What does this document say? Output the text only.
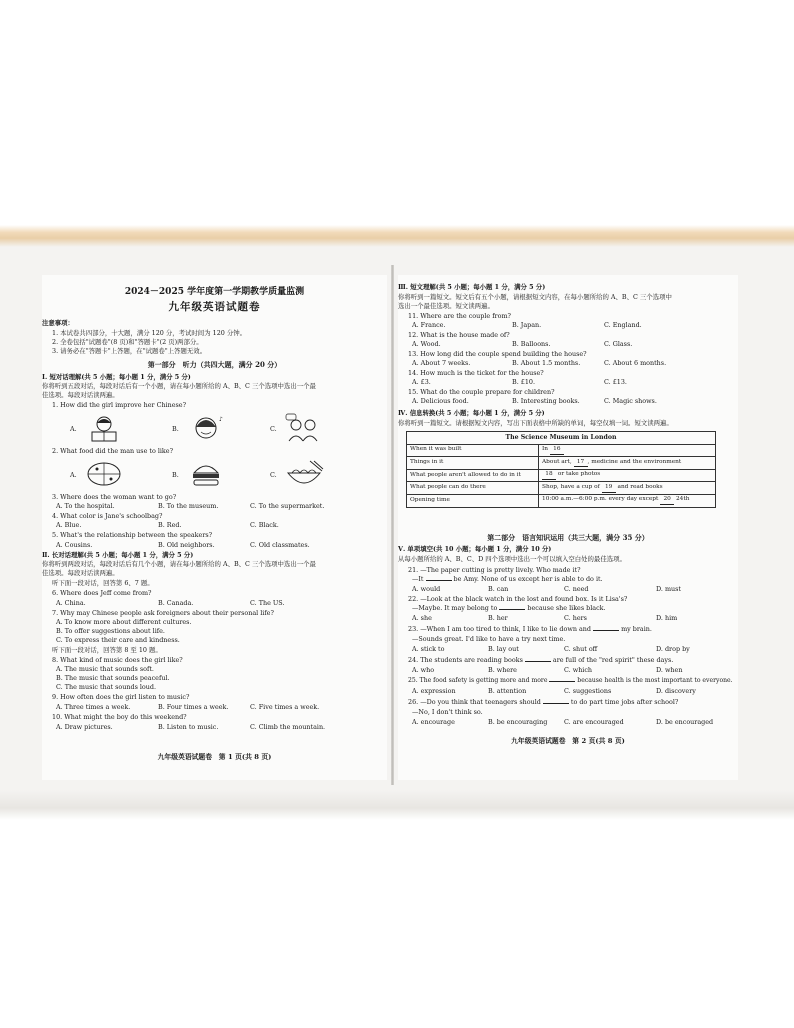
2024－2025 学年度第一学期教学质量监测
九年级英语试题卷
注意事项：
1. 本试卷共四部分，十大题，满分 120 分，考试时间为 120 分钟。
2. 全卷包括"试题卷"(8 页)和"答题卡"(2 页)两部分。
3. 请务必在"答题卡"上答题，在"试题卷"上答题无效。
第一部分　听力（共四大题，满分 20 分）
Ⅰ. 短对话理解(共 5 小题；每小题 1 分，满分 5 分)
你将听到五段对话，每段对话后有一个小题，请在每小题所给的 A、B、C 三个选项中选出一个最
佳选项。每段对话读两遍。
1. How did the girl improve her Chinese?
A.	B.
♪
C.
2. What food did the man use to like?
A.	B.	C.
3. Where does the woman want to go?
A. To the hospital.	B. To the museum.	C. To the supermarket.
4. What color is Jane's schoolbag?
A. Blue.	B. Red.	C. Black.
5. What's the relationship between the speakers?
A. Cousins.	B. Old neighbors.	C. Old classmates.
Ⅱ. 长对话理解(共 5 小题；每小题 1 分，满分 5 分)
你将听到两段对话，每段对话后有几个小题，请在每小题所给的 A、B、C 三个选项中选出一个最
佳选项。每段对话读两遍。
听下面一段对话，回答第 6、7 题。
6. Where does Jeff come from?
A. China.	B. Canada.	C. The US.
7. Why may Chinese people ask foreigners about their personal life?
A. To know more about different cultures.
B. To offer suggestions about life.
C. To express their care and kindness.
听下面一段对话，回答第 8 至 10 题。
8. What kind of music does the girl like?
A. The music that sounds soft.
B. The music that sounds peaceful.
C. The music that sounds loud.
9. How often does the girl listen to music?
A. Three times a week.	B. Four times a week.	C. Five times a week.
10. What might the boy do this weekend?
A. Draw pictures.	B. Listen to music.	C. Climb the mountain.
九年级英语试题卷　第 1 页(共 8 页)
Ⅲ. 短文理解(共 5 小题；每小题 1 分，满分 5 分)
你将听到一篇短文。短文后有五个小题，请根据短文内容，在每小题所给的 A、B、C 三个选项中
选出一个最佳选项。短文读两遍。
11. Where are the couple from?
A. France.	B. Japan.	C. England.
12. What is the house made of?
A. Wood.	B. Balloons.	C. Glass.
13. How long did the couple spend building the house?
A. About 7 weeks.	B. About 1.5 months.	C. About 6 months.
14. How much is the ticket for the house?
A. £3.	B. £10.	C. £13.
15. What do the couple prepare for children?
A. Delicious food.	B. Interesting books.	C. Magic shows.
Ⅳ. 信息转换(共 5 小题；每小题 1 分，满分 5 分)
你将听到一篇短文。请根据短文内容，写出下面表格中所缺的单词，每空仅填一词。短文读两遍。
The Science Museum in London	
When it was built	In 16
Things in it	About art, 17 , medicine and the environment
What people aren't allowed to do in it	18 or take photos
What people can do there	Shop, have a cup of 19 and read books
Opening time	10:00 a.m.—6:00 p.m. every day except 20 24th
第二部分　语言知识运用（共三大题，满分 35 分）
Ⅴ. 单项填空(共 10 小题；每小题 1 分，满分 10 分)
从每小题所给的 A、B、C、D 四个选项中选出一个可以填入空白处的最佳选项。
21. —The paper cutting is pretty lively. Who made it?
—It	be Amy. None of us except her is able to do it.
A. would	B. can	C. need	D. must
22. —Look at the black watch in the lost and found box. Is it Lisa's?
—Maybe. It may belong to	because she likes black.
A. she	B. her	C. hers	D. him
23. —When I am too tired to think, I like to lie down and	my brain.
—Sounds great. I'd like to have a try next time.
A. stick to	B. lay out	C. shut off	D. drop by
24. The students are reading books	are full of the "red spirit" these days.
A. who	B. where	C. which	D. when
25. The food safety is getting more and more	because health is the most important to everyone.
A. expression	B. attention	C. suggestions	D. discovery
26. —Do you think that teenagers should	to do part time jobs after school?
—No, I don't think so.
A. encourage	B. be encouraging	C. are encouraged	D. be encouraged
九年级英语试题卷　第 2 页(共 8 页)
